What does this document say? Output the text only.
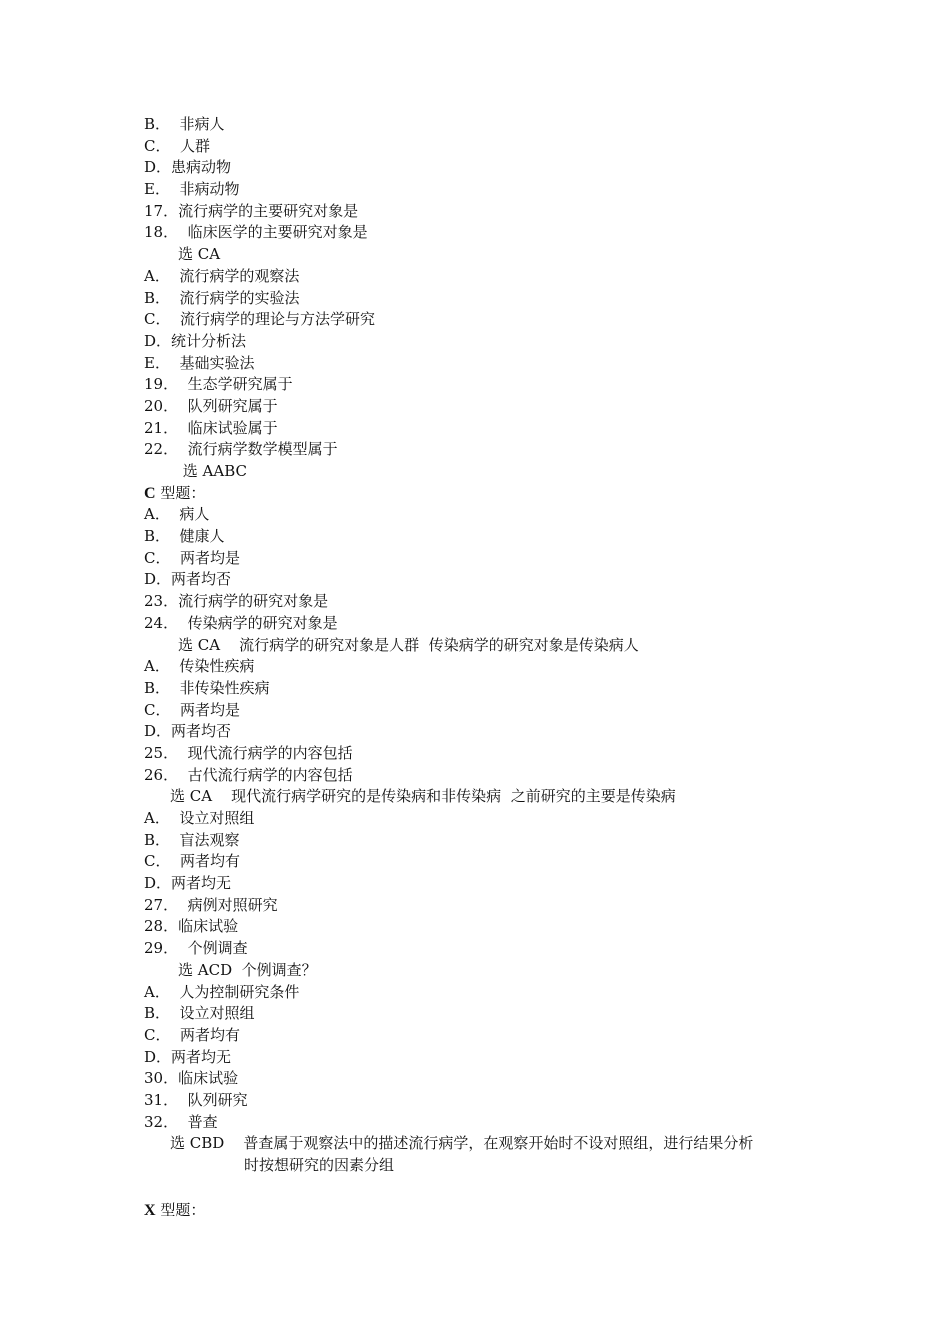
B．  非病人
C．  人群
D．患病动物
E．  非病动物
17．流行病学的主要研究对象是
18．  临床医学的主要研究对象是
选 CA
A．  流行病学的观察法
B．  流行病学的实验法
C．  流行病学的理论与方法学研究
D．统计分析法
E．  基础实验法
19．  生态学研究属于
20．  队列研究属于
21．  临床试验属于
22．  流行病学数学模型属于
选 AABC
C 型题：
A．  病人
B．  健康人
C．  两者均是
D．两者均否
23．流行病学的研究对象是
24．  传染病学的研究对象是
选 CA    流行病学的研究对象是人群  传染病学的研究对象是传染病人
A．  传染性疾病
B．  非传染性疾病
C．  两者均是
D．两者均否
25．  现代流行病学的内容包括
26．  古代流行病学的内容包括
选 CA    现代流行病学研究的是传染病和非传染病  之前研究的主要是传染病
A．  设立对照组
B．  盲法观察
C．  两者均有
D．两者均无
27．  病例对照研究
28．临床试验
29．  个例调查
选 ACD  个例调查？
A．  人为控制研究条件
B．  设立对照组
C．  两者均有
D．两者均无
30．临床试验
31．  队列研究
32．  普查
选 CBD    普查属于观察法中的描述流行病学，在观察开始时不设对照组，进行结果分析
时按想研究的因素分组
X 型题：
